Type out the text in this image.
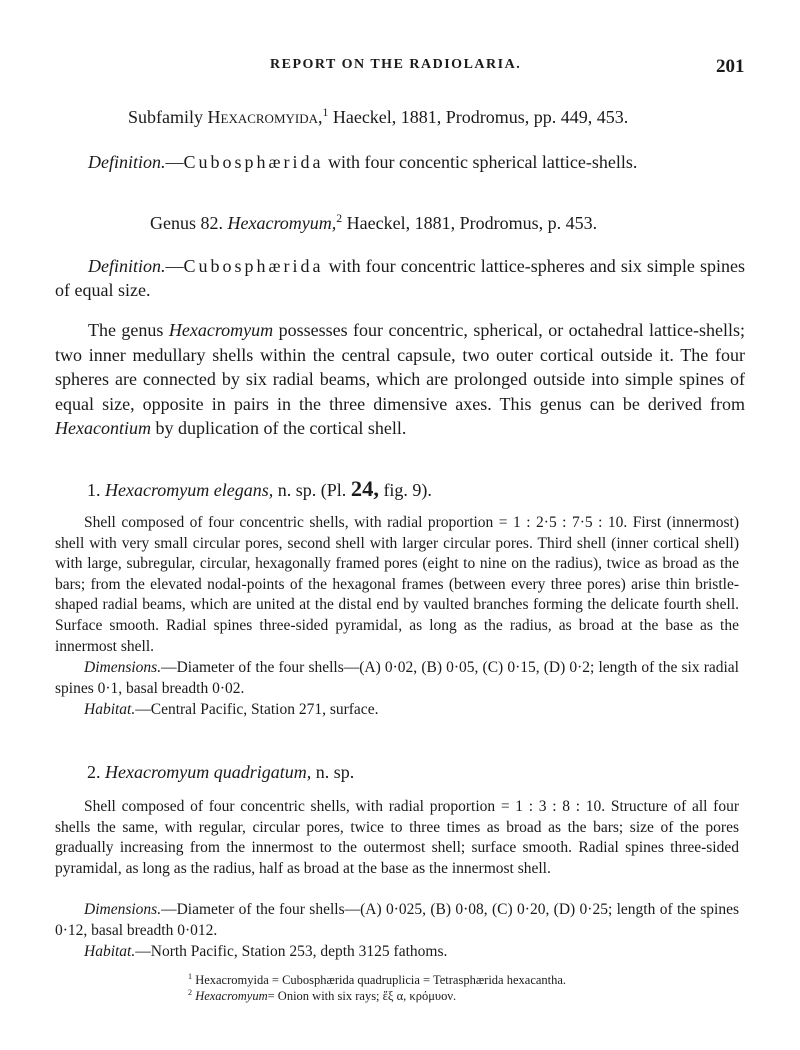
REPORT ON THE RADIOLARIA.	201
Subfamily Hexacromyida,$^1$ Haeckel, 1881, Prodromus, pp. 449, 453.
Definition.—Cubosphærida with four concentic spherical lattice-shells.
Genus 82. Hexacromyum,$^2$ Haeckel, 1881, Prodromus, p. 453.

Definition.—Cubosphærida with four concentric lattice-spheres and six simple spines of equal size.

The genus Hexacromyum possesses four concentric, spherical, or octahedral lattice-shells; two inner medullary shells within the central capsule, two outer cortical outside it. The four spheres are connected by six radial beams, which are prolonged outside into simple spines of equal size, opposite in pairs in the three dimensive axes. This genus can be derived from Hexacontium by duplication of the cortical shell.

1. Hexacromyum elegans, n. sp. (Pl. 24, fig. 9).

Shell composed of four concentric shells, with radial proportion = 1 : 2·5 : 7·5 : 10. First (innermost) shell with very small circular pores, second shell with larger circular pores. Third shell (inner cortical shell) with large, subregular, circular, hexagonally framed pores (eight to nine on the radius), twice as broad as the bars; from the elevated nodal-points of the hexagonal frames (between every three pores) arise thin bristle-shaped radial beams, which are united at the distal end by vaulted branches forming the delicate fourth shell. Surface smooth. Radial spines three-sided pyramidal, as long as the radius, as broad at the base as the innermost shell.

Dimensions.—Diameter of the four shells—(A) 0·02, (B) 0·05, (C) 0·15, (D) 0·2; length of the six radial spines 0·1, basal breadth 0·02.

Habitat.—Central Pacific, Station 271, surface.
2. Hexacromyum quadrigatum, n. sp.

Shell composed of four concentric shells, with radial proportion = 1 : 3 : 8 : 10. Structure of all four shells the same, with regular, circular pores, twice to three times as broad as the bars; size of the pores gradually increasing from the innermost to the outermost shell; surface smooth. Radial spines three-sided pyramidal, as long as the radius, half as broad at the base as the innermost shell.

Dimensions.—Diameter of the four shells—(A) 0·025, (B) 0·08, (C) 0·20, (D) 0·25; length of the spines 0·12, basal breadth 0·012.

Habitat.—North Pacific, Station 253, depth 3125 fathoms.
$^1$ Hexacromyida = Cubosphærida quadruplicia = Tetrasphærida hexacantha.
$^2$ Hexacromyum= Onion with six rays; ἕξ α, κρόμυον.
